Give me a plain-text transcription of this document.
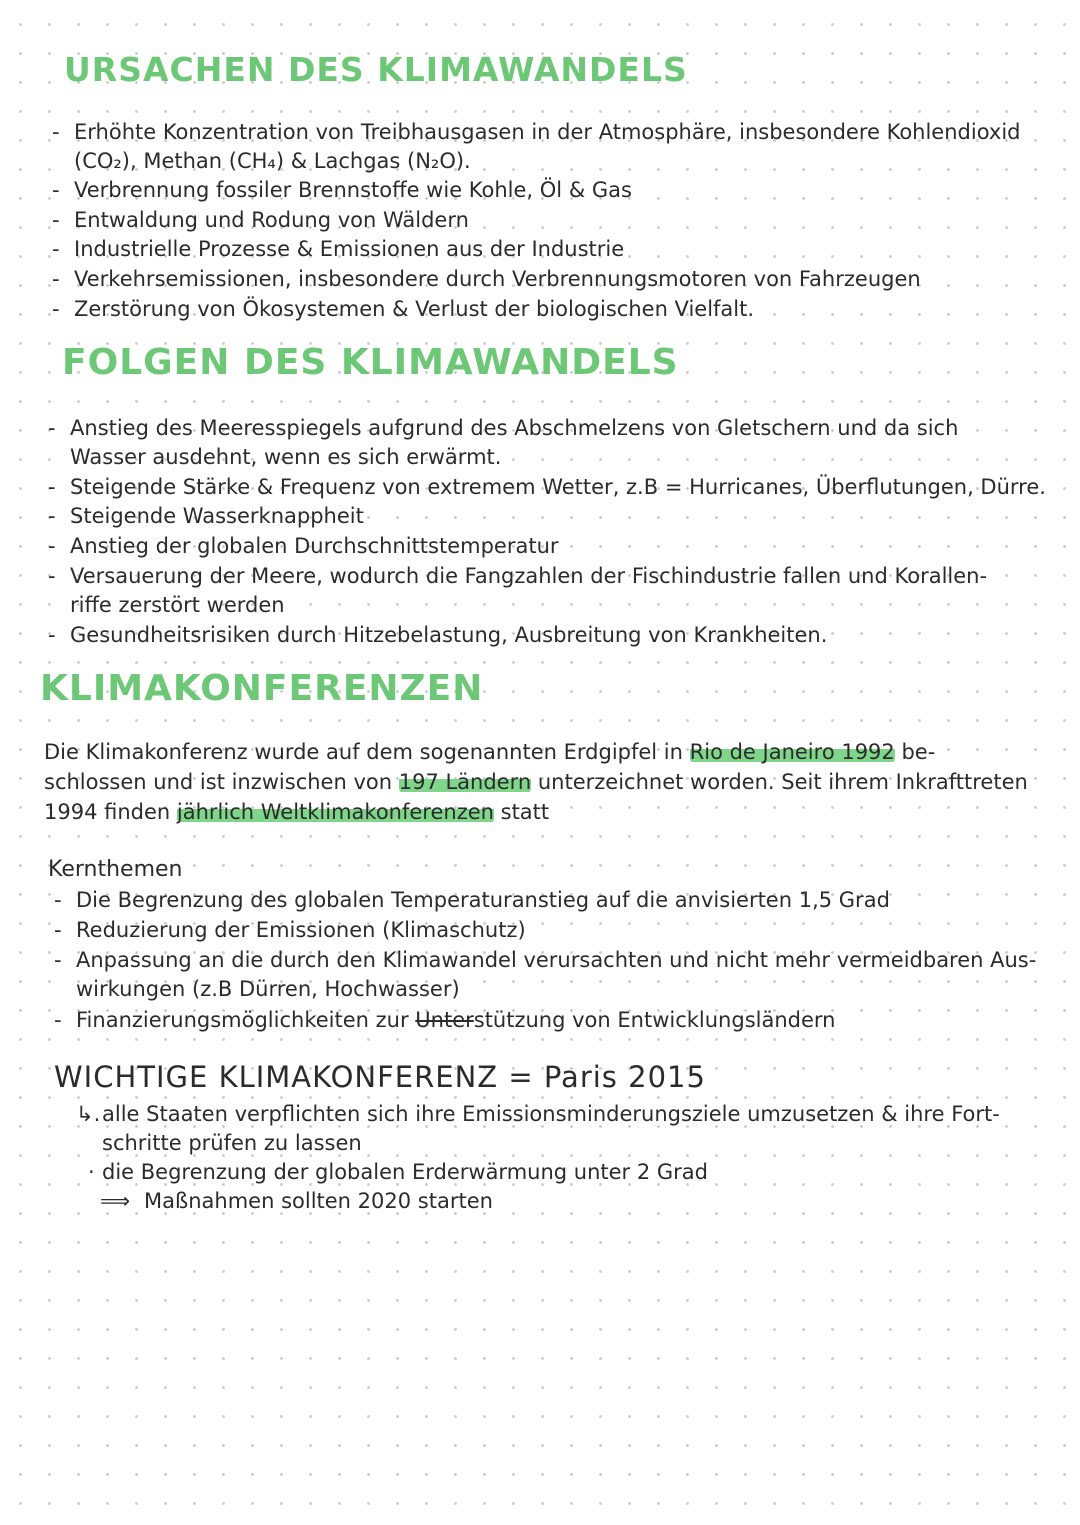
URSACHEN DES KLIMAWANDELS

- Erhöhte Konzentration von Treibhausgasen in der Atmosphäre, insbesondere Kohlendioxid

(CO₂), Methan (CH₄) & Lachgas (N₂O).

- Verbrennung fossiler Brennstoffe wie Kohle, Öl & Gas

- Entwaldung und Rodung von Wäldern

- Industrielle Prozesse & Emissionen aus der Industrie

- Verkehrsemissionen, insbesondere durch Verbrennungsmotoren von Fahrzeugen

- Zerstörung von Ökosystemen & Verlust der biologischen Vielfalt.

FOLGEN DES KLIMAWANDELS

- Anstieg des Meeresspiegels aufgrund des Abschmelzens von Gletschern und da sich

Wasser ausdehnt, wenn es sich erwärmt.

- Steigende Stärke & Frequenz von extremem Wetter, z.B = Hurricanes, Überflutungen, Dürre.

- Steigende Wasserknappheit

- Anstieg der globalen Durchschnittstemperatur

- Versauerung der Meere, wodurch die Fangzahlen der Fischindustrie fallen und Korallen-

riffe zerstört werden

- Gesundheitsrisiken durch Hitzebelastung, Ausbreitung von Krankheiten.

KLIMAKONFERENZEN

Die Klimakonferenz wurde auf dem sogenannten Erdgipfel in Rio de Janeiro 1992 be-

schlossen und ist inzwischen von 197 Ländern unterzeichnet worden. Seit ihrem Inkrafttreten

1994 finden jährlich Weltklimakonferenzen statt

Kernthemen

- Die Begrenzung des globalen Temperaturanstieg auf die anvisierten 1,5 Grad

- Reduzierung der Emissionen (Klimaschutz)

- Anpassung an die durch den Klimawandel verursachten und nicht mehr vermeidbaren Aus-

wirkungen (z.B Dürren, Hochwasser)

- Finanzierungsmöglichkeiten zur Unterstützung von Entwicklungsländern

WICHTIGE KLIMAKONFERENZ = Paris 2015

↳.alle Staaten verpflichten sich ihre Emissionsminderungsziele umzusetzen & ihre Fort-

schritte prüfen zu lassen

· die Begrenzung der globalen Erderwärmung unter 2 Grad

⟹ Maßnahmen sollten 2020 starten
